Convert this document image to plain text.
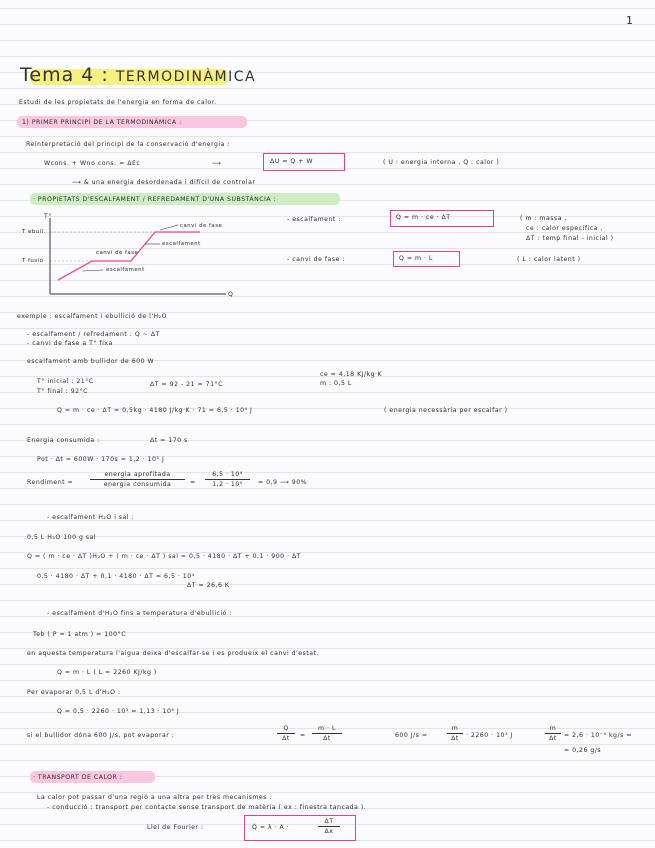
1
Tema 4 : TERMODINÀMICA
Estudi de les propietats de l'energia en forma de calor.
1) PRIMER PRINCIPI DE LA TERMODINÀMICA :
Reinterpretació del principi de la conservació d'energia :
Wcons. + Wno cons. = ΔEc	⟶	ΔU = Q + W	( U : energia interna , Q : calor )
⟶ & una energia desordenada i difícil de controlar
· PROPIETATS D'ESCALFAMENT / REFREDAMENT D'UNA SUBSTÀNCIA :
T°
Q
T ebull.
T fusió
canvi de fase
escalfament
canvi de fase
escalfament
- escalfament :	Q = m · ce · ΔT	( m : massa ,
ce : calor específica ,
ΔT : temp final - inicial )
- canvi de fase :	Q = m · L	( L : calor latent )
exemple : escalfament i ebullició de l'H₂O
- escalfament / refredament : Q ~ ΔT
- canvi de fase a T° fixa
escalfament amb bullidor de 600 W
ce = 4,18 KJ/kg·K
m : 0,5 L
T° inicial : 21°C
T° final : 92°C
ΔT = 92 - 21 = 71°C
Q = m · ce · ΔT = 0,5kg · 4180 J/kg·K · 71 = 6,5 · 10⁴ J	( energia necessària per escalfar )
Energia consumida :	Δt = 170 s
Pot · Δt = 600W · 170s = 1,2 · 10⁵ J
Rendiment =
energia aprofitada
energia consumida	=
6,5 · 10⁴
1,2 · 10⁵	= 0,9 ⟶ 90%
- escalfament H₂O i sal :
0,5 L H₂O 100 g sal
Q = ( m · ce · ΔT )H₂O + ( m · ce · ΔT ) sal = 0,5 · 4180 · ΔT + 0,1 · 900 · ΔT
0,5 · 4180 · ΔT + 0,1 · 4180 · ΔT = 6,5 · 10⁴
ΔT = 26,6 K
- escalfament d'H₂O fins a temperatura d'ebullició :
Teb ( P = 1 atm ) = 100°C
en aquesta temperatura l'aigua deixa d'escalfar-se i es produeix el canvi d'estat.
Q = m · L ( L = 2260 KJ/kg )
Per evaporar 0,5 L d'H₂O :
Q = 0,5 · 2260 · 10³ = 1,13 · 10⁶ J
si el bullidor dóna 600 J/s, pot evaporar :
Q
Δt	=
m · L
Δt	600 J/s =
m
Δt	· 2260 · 10³ J
m
Δt	= 2,6 · 10⁻⁴ kg/s =
= 0,26 g/s
· TRANSPORT DE CALOR :
La calor pot passar d'una regió a una altra per tres mecanismes :
- conducció : transport per contacte sense transport de matèria ( ex : finestra tancada ).
Llei de Fourier :	Q̇ = λ · A ·
ΔT
Δx
